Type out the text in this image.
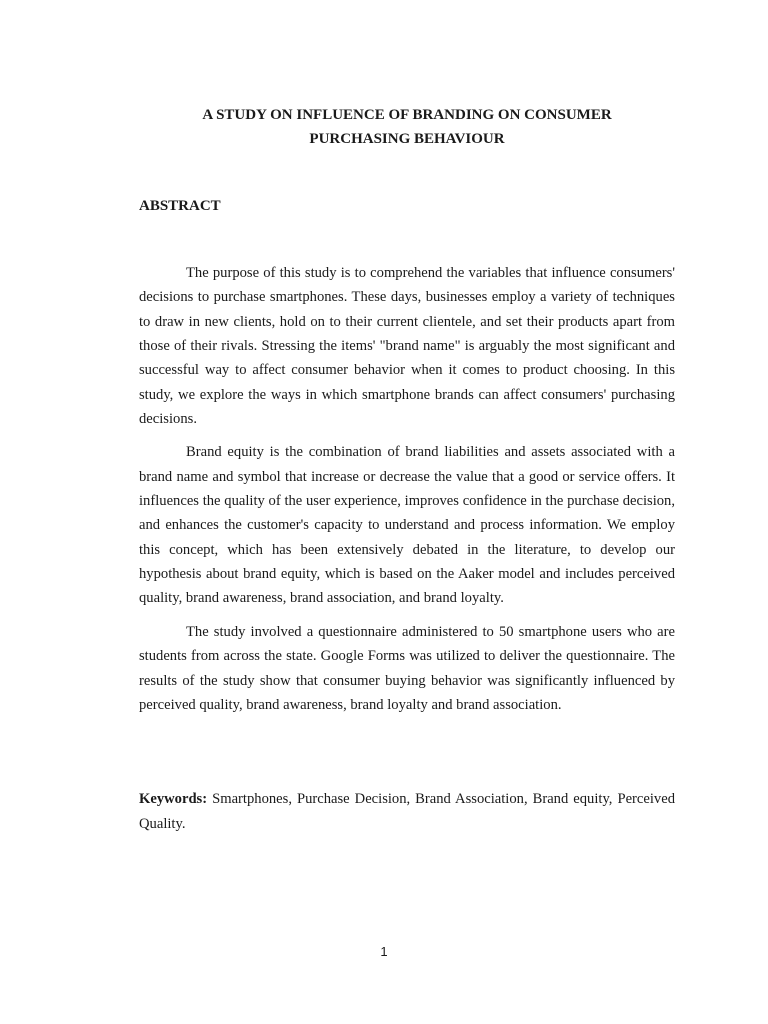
A STUDY ON INFLUENCE OF BRANDING ON CONSUMER
PURCHASING BEHAVIOUR
ABSTRACT

The purpose of this study is to comprehend the variables that influence consumers' decisions to purchase smartphones. These days, businesses employ a variety of techniques to draw in new clients, hold on to their current clientele, and set their products apart from those of their rivals. Stressing the items' "brand name" is arguably the most significant and successful way to affect consumer behavior when it comes to product choosing. In this study, we explore the ways in which smartphone brands can affect consumers' purchasing decisions.

Brand equity is the combination of brand liabilities and assets associated with a brand name and symbol that increase or decrease the value that a good or service offers. It influences the quality of the user experience, improves confidence in the purchase decision, and enhances the customer's capacity to understand and process information. We employ this concept, which has been extensively debated in the literature, to develop our hypothesis about brand equity, which is based on the Aaker model and includes perceived quality, brand awareness, brand association, and brand loyalty.

The study involved a questionnaire administered to 50 smartphone users who are students from across the state. Google Forms was utilized to deliver the questionnaire. The results of the study show that consumer buying behavior was significantly influenced by perceived quality, brand awareness, brand loyalty and brand association.

Keywords: Smartphones, Purchase Decision, Brand Association, Brand equity, Perceived Quality.

1
